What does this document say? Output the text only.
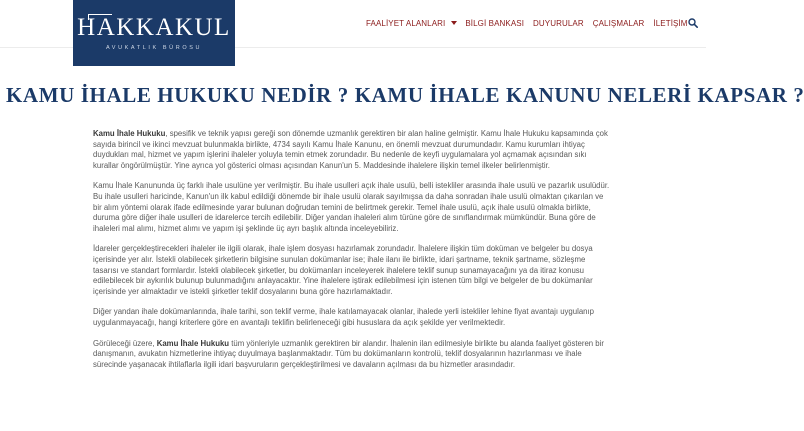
HAKKAKUL
AVUKATLIK BÜROSU
FAALİYET ALANLARI	BİLGİ BANKASI DUYURULAR ÇALIŞMALAR İLETİŞİM
KAMU İHALE HUKUKU NEDİR ? KAMU İHALE KANUNU NELERİ KAPSAR ?

Kamu İhale Hukuku, spesifik ve teknik yapısı gereği son dönemde uzmanlık gerektiren bir alan haline gelmiştir. Kamu İhale Hukuku kapsamında çok sayıda birincil ve ikinci mevzuat bulunmakla birlikte, 4734 sayılı Kamu İhale Kanunu, en önemli mevzuat durumundadır. Kamu kurumları ihtiyaç duydukları mal, hizmet ve yapım işlerini ihaleler yoluyla temin etmek zorundadır. Bu nedenle de keyfi uygulamalara yol açmamak açısından sıkı kurallar öngörülmüştür. Yine ayrıca yol gösterici olması açısından Kanun'un 5. Maddesinde ihalelere ilişkin temel ilkeler belirlenmiştir.

Kamu İhale Kanununda üç farklı ihale usulüne yer verilmiştir. Bu ihale usulleri açık ihale usulü, belli istekliler arasında ihale usulü ve pazarlık usulüdür. Bu ihale usulleri haricinde, Kanun'un ilk kabul edildiği dönemde bir ihale usulü olarak sayılmışsa da daha sonradan ihale usulü olmaktan çıkarılan ve bir alım yöntemi olarak ifade edilmesinde yarar bulunan doğrudan temini de belirtmek gerekir. Temel ihale usulü, açık ihale usulü olmakla birlikte, duruma göre diğer ihale usulleri de idarelerce tercih edilebilir. Diğer yandan ihaleleri alım türüne göre de sınıflandırmak mümkündür. Buna göre de ihaleleri mal alımı, hizmet alımı ve yapım işi şeklinde üç ayrı başlık altında inceleyebiliriz.

İdareler gerçekleştirecekleri ihaleler ile ilgili olarak, ihale işlem dosyası hazırlamak zorundadır. İhalelere ilişkin tüm doküman ve belgeler bu dosya içerisinde yer alır. İstekli olabilecek şirketlerin bilgisine sunulan dokümanlar ise; ihale ilanı ile birlikte, idari şartname, teknik şartname, sözleşme tasarısı ve standart formlardır. İstekli olabilecek şirketler, bu dokümanları inceleyerek ihalelere teklif sunup sunamayacağını ya da itiraz konusu edilebilecek bir aykırılık bulunup bulunmadığını anlayacaktır. Yine ihalelere iştirak edilebilmesi için istenen tüm bilgi ve belgeler de bu dokümanlar içerisinde yer almaktadır ve istekli şirketler teklif dosyalarını buna göre hazırlamaktadır.

Diğer yandan ihale dokümanlarında, ihale tarihi, son teklif verme, ihale katılamayacak olanlar, ihalede yerli istekliler lehine fiyat avantajı uygulanıp uygulanmayacağı, hangi kriterlere göre en avantajlı teklifin belirleneceği gibi hususlara da açık şekilde yer verilmektedir.

Görüleceği üzere, Kamu İhale Hukuku tüm yönleriyle uzmanlık gerektiren bir alandır. İhalenin ilan edilmesiyle birlikte bu alanda faaliyet gösteren bir danışmanın, avukatın hizmetlerine ihtiyaç duyulmaya başlanmaktadır. Tüm bu dokümanların kontrolü, teklif dosyalarının hazırlanması ve ihale sürecinde yaşanacak ihtilaflarla ilgili idari başvuruların gerçekleştirilmesi ve davaların açılması da bu hizmetler arasındadır.
